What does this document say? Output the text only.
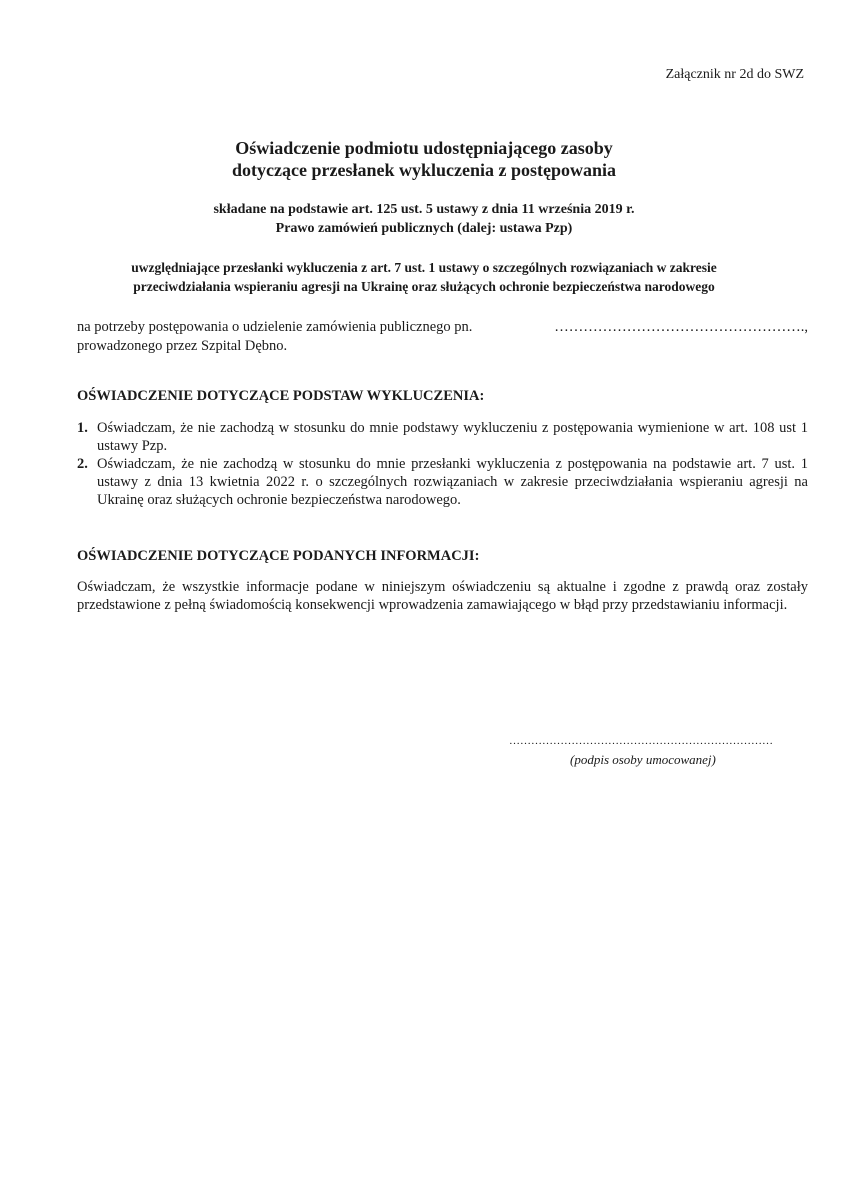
Załącznik nr 2d do SWZ
Oświadczenie podmiotu udostępniającego zasoby
dotyczące przesłanek wykluczenia z postępowania
składane na podstawie art. 125 ust. 5 ustawy z dnia 11 września 2019 r.
Prawo zamówień publicznych (dalej: ustawa Pzp)
uwzględniające przesłanki wykluczenia z art. 7 ust. 1 ustawy o szczególnych rozwiązaniach w zakresie
przeciwdziałania wspieraniu agresji na Ukrainę oraz służących ochronie bezpieczeństwa narodowego
na potrzeby postępowania o udzielenie zamówienia publicznego pn.	…………………………………………….,
prowadzonego przez Szpital Dębno.
OŚWIADCZENIE DOTYCZĄCE PODSTAW WYKLUCZENIA:
1. Oświadczam, że nie zachodzą w stosunku do mnie podstawy wykluczeniu z postępowania wymienione w art. 108 ust 1 ustawy Pzp.
2. Oświadczam, że nie zachodzą w stosunku do mnie przesłanki wykluczenia z postępowania na podstawie art. 7 ust. 1 ustawy z dnia 13 kwietnia 2022 r. o szczególnych rozwiązaniach w zakresie przeciwdziałania wspieraniu agresji na Ukrainę oraz służących ochronie bezpieczeństwa narodowego.
OŚWIADCZENIE DOTYCZĄCE PODANYCH INFORMACJI:
Oświadczam, że wszystkie informacje podane w niniejszym oświadczeniu są aktualne i zgodne z prawdą oraz zostały przedstawione z pełną świadomością konsekwencji wprowadzenia zamawiającego w błąd przy przedstawianiu informacji.
………………………………………………………………
(podpis osoby umocowanej)
